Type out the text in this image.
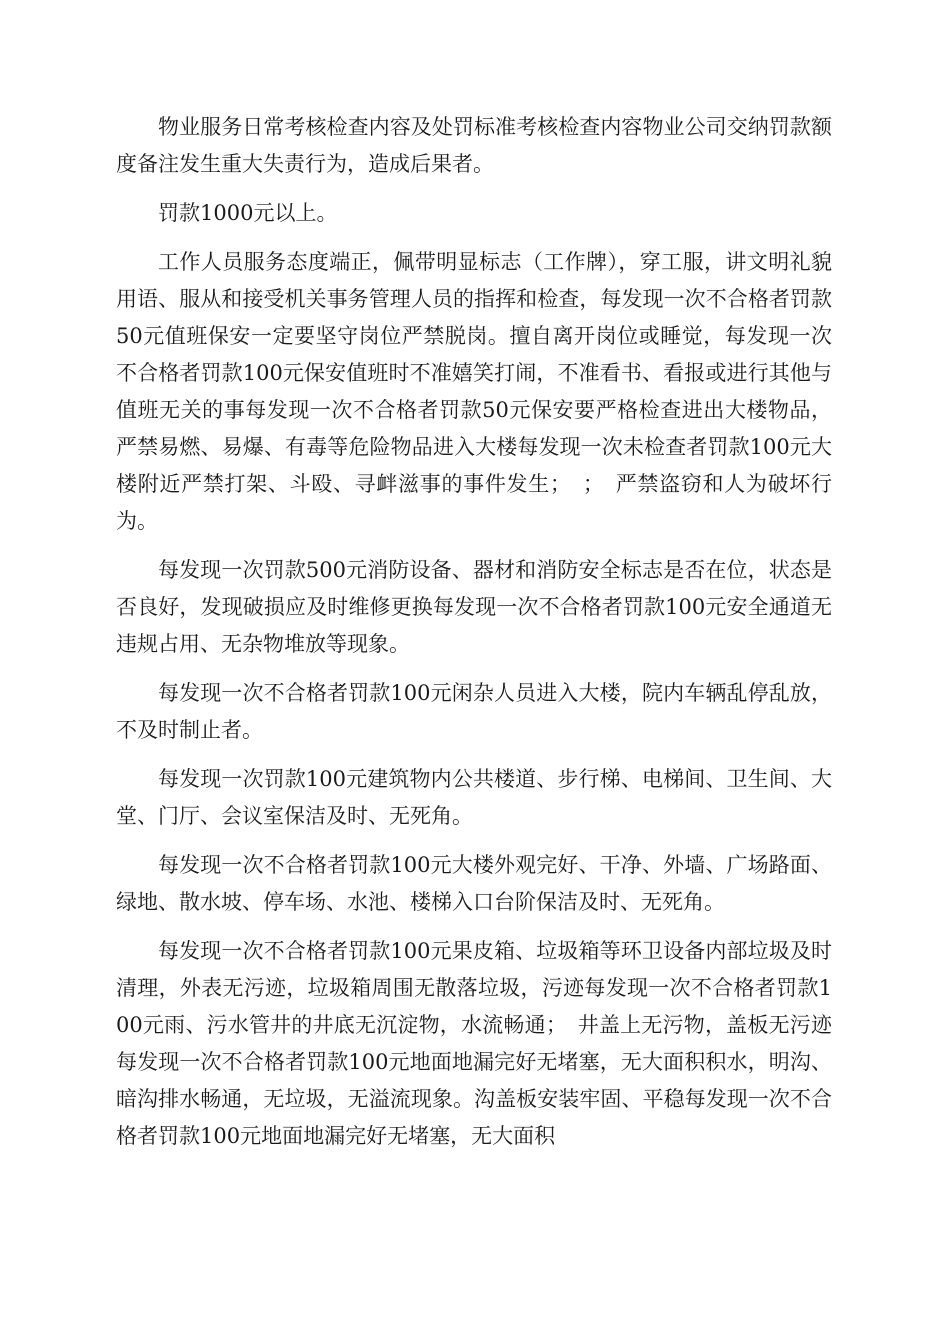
物业服务日常考核检查内容及处罚标准考核检查内容物业公司交纳罚款额度备注发生重大失责行为，造成后果者。

罚款1000元以上。

工作人员服务态度端正，佩带明显标志（工作牌），穿工服，讲文明礼貌用语、服从和接受机关事务管理人员的指挥和检查，每发现一次不合格者罚款50元值班保安一定要坚守岗位严禁脱岗。擅自离开岗位或睡觉，每发现一次不合格者罚款100元保安值班时不准嬉笑打闹，不准看书、看报或进行其他与值班无关的事每发现一次不合格者罚款50元保安要严格检查进出大楼物品，严禁易燃、易爆、有毒等危险物品进入大楼每发现一次未检查者罚款100元大楼附近严禁打架、斗殴、寻衅滋事的事件发生；　；　严禁盗窃和人为破坏行为。

每发现一次罚款500元消防设备、器材和消防安全标志是否在位，状态是否良好，发现破损应及时维修更换每发现一次不合格者罚款100元安全通道无违规占用、无杂物堆放等现象。

每发现一次不合格者罚款100元闲杂人员进入大楼，院内车辆乱停乱放，不及时制止者。

每发现一次罚款100元建筑物内公共楼道、步行梯、电梯间、卫生间、大堂、门厅、会议室保洁及时、无死角。

每发现一次不合格者罚款100元大楼外观完好、干净、外墙、广场路面、绿地、散水坡、停车场、水池、楼梯入口台阶保洁及时、无死角。

每发现一次不合格者罚款100元果皮箱、垃圾箱等环卫设备内部垃圾及时清理，外表无污迹，垃圾箱周围无散落垃圾，污迹每发现一次不合格者罚款100元雨、污水管井的井底无沉淀物，水流畅通；　井盖上无污物，盖板无污迹每发现一次不合格者罚款100元地面地漏完好无堵塞，无大面积积水，明沟、暗沟排水畅通，无垃圾，无溢流现象。沟盖板安装牢固、平稳每发现一次不合格者罚款100元地面地漏完好无堵塞，无大面积
